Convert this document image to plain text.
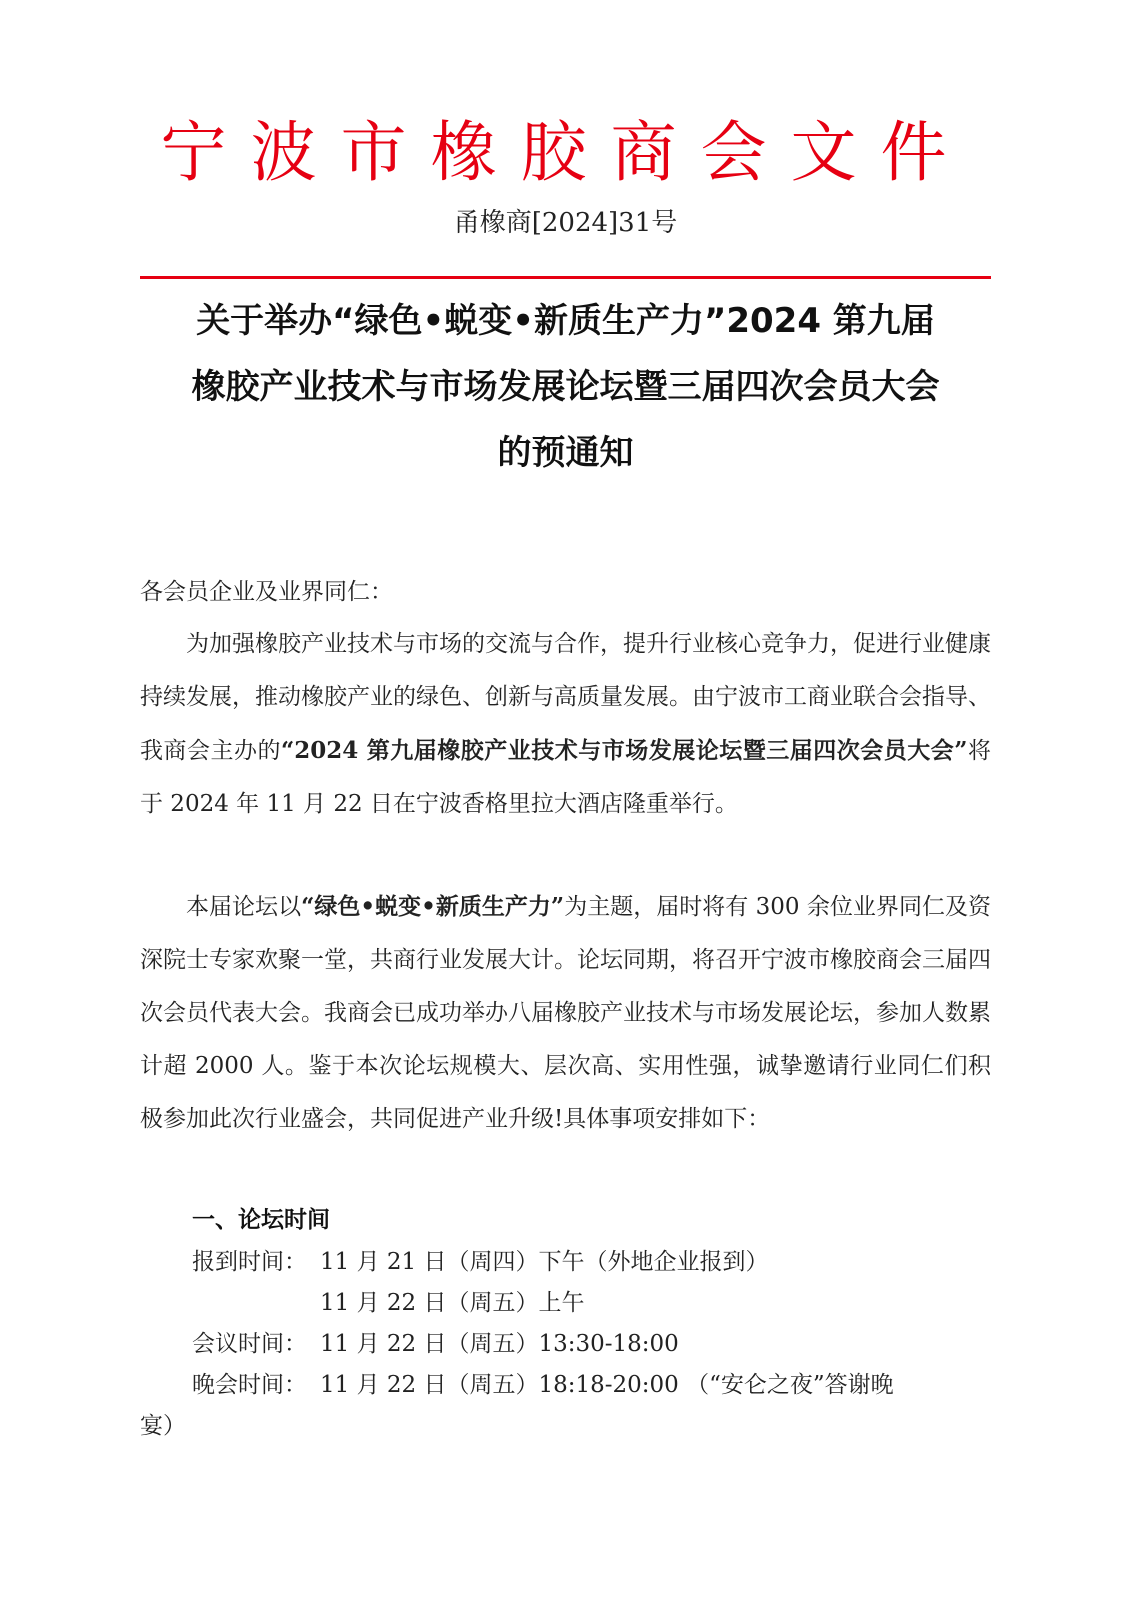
宁波市橡胶商会文件
甬橡商[2024]31号
关于举办“绿色•蜕变•新质生产力”2024 第九届
橡胶产业技术与市场发展论坛暨三届四次会员大会
的预通知
各会员企业及业界同仁：

为加强橡胶产业技术与市场的交流与合作，提升行业核心竞争力，促进行业健康持续发展，推动橡胶产业的绿色、创新与高质量发展。由宁波市工商业联合会指导、我商会主办的“2024 第九届橡胶产业技术与市场发展论坛暨三届四次会员大会”将于 2024 年 11 月 22 日在宁波香格里拉大酒店隆重举行。

本届论坛以“绿色•蜕变•新质生产力”为主题，届时将有 300 余位业界同仁及资深院士专家欢聚一堂，共商行业发展大计。论坛同期，将召开宁波市橡胶商会三届四次会员代表大会。我商会已成功举办八届橡胶产业技术与市场发展论坛，参加人数累计超 2000 人。鉴于本次论坛规模大、层次高、实用性强，诚挚邀请行业同仁们积极参加此次行业盛会，共同促进产业升级!具体事项安排如下：

一、论坛时间
报到时间： 11 月 21 日（周四）下午（外地企业报到）
11 月 22 日（周五）上午
会议时间： 11 月 22 日（周五）13:30-18:00
晚会时间： 11 月 22 日（周五）18:18-20:00 （“安仑之夜”答谢晚
宴）
